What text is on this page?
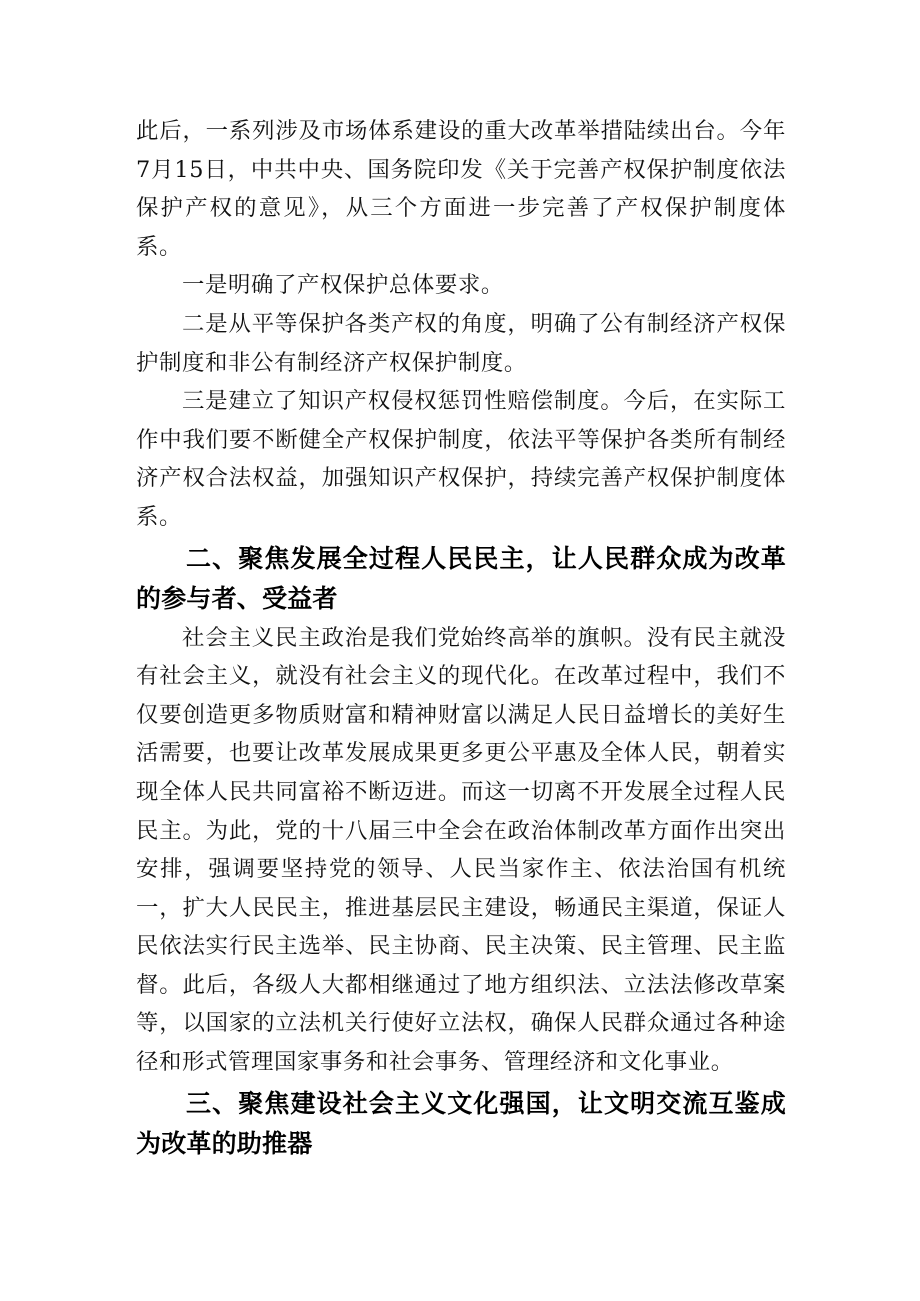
此后，一系列涉及市场体系建设的重大改革举措陆续出台。今年7月15日，中共中央、国务院印发《关于完善产权保护制度依法保护产权的意见》，从三个方面进一步完善了产权保护制度体系。

一是明确了产权保护总体要求。

二是从平等保护各类产权的角度，明确了公有制经济产权保护制度和非公有制经济产权保护制度。

三是建立了知识产权侵权惩罚性赔偿制度。今后，在实际工作中我们要不断健全产权保护制度，依法平等保护各类所有制经济产权合法权益，加强知识产权保护，持续完善产权保护制度体系。

二、聚焦发展全过程人民民主，让人民群众成为改革的参与者、受益者

社会主义民主政治是我们党始终高举的旗帜。没有民主就没有社会主义，就没有社会主义的现代化。在改革过程中，我们不仅要创造更多物质财富和精神财富以满足人民日益增长的美好生活需要，也要让改革发展成果更多更公平惠及全体人民，朝着实现全体人民共同富裕不断迈进。而这一切离不开发展全过程人民民主。为此，党的十八届三中全会在政治体制改革方面作出突出安排，强调要坚持党的领导、人民当家作主、依法治国有机统一，扩大人民民主，推进基层民主建设，畅通民主渠道，保证人民依法实行民主选举、民主协商、民主决策、民主管理、民主监督。此后，各级人大都相继通过了地方组织法、立法法修改草案等，以国家的立法机关行使好立法权，确保人民群众通过各种途径和形式管理国家事务和社会事务、管理经济和文化事业。

三、聚焦建设社会主义文化强国，让文明交流互鉴成为改革的助推器
